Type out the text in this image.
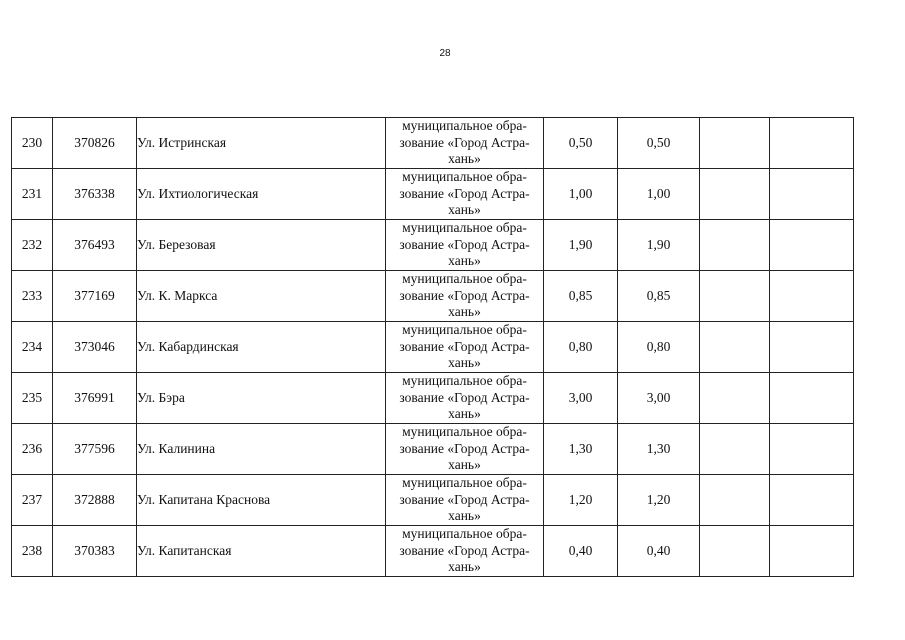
28
230	370826	Ул. Истринская	муниципальное обра-
зование «Город Астра-
хань»	0,50	0,50		
231	376338	Ул. Ихтиологическая	муниципальное обра-
зование «Город Астра-
хань»	1,00	1,00		
232	376493	Ул. Березовая	муниципальное обра-
зование «Город Астра-
хань»	1,90	1,90		
233	377169	Ул. К. Маркса	муниципальное обра-
зование «Город Астра-
хань»	0,85	0,85		
234	373046	Ул. Кабардинская	муниципальное обра-
зование «Город Астра-
хань»	0,80	0,80		
235	376991	Ул. Бэра	муниципальное обра-
зование «Город Астра-
хань»	3,00	3,00		
236	377596	Ул. Калинина	муниципальное обра-
зование «Город Астра-
хань»	1,30	1,30		
237	372888	Ул. Капитана Краснова	муниципальное обра-
зование «Город Астра-
хань»	1,20	1,20		
238	370383	Ул. Капитанская	муниципальное обра-
зование «Город Астра-
хань»	0,40	0,40		
